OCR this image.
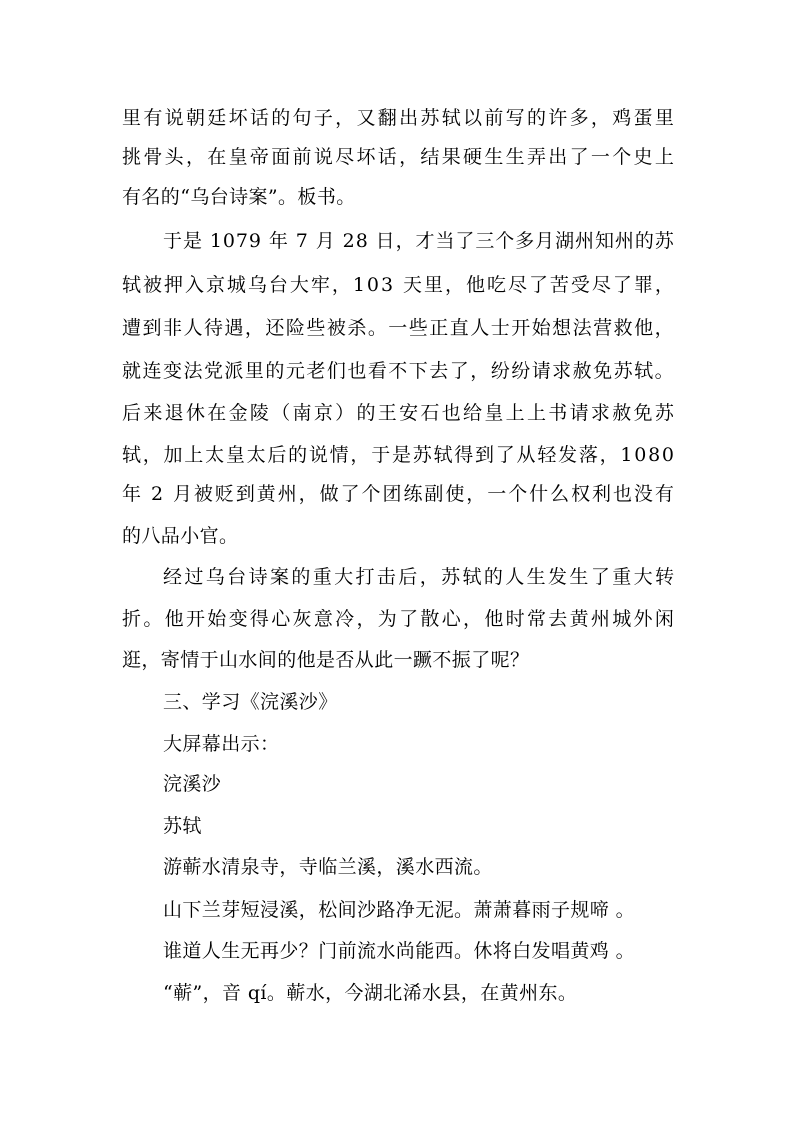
里 有 说 朝 廷 坏 话 的 句 子 ， 又 翻 出 苏 轼 以 前 写 的 许 多 ， 鸡 蛋 里
挑 骨 头 ， 在 皇 帝 面 前 说 尽 坏 话 ， 结 果 硬 生 生 弄 出 了 一 个 史 上
有名的“乌台诗案”。板书。
于 是
1 0 7 9
年
7
月
2 8
日 ， 才 当 了 三 个 多 月 湖 州 知 州 的 苏
轼 被 押 入 京 城 乌 台 大 牢 ， 1 0 3
天 里 ， 他 吃 尽 了 苦 受 尽 了 罪 ，
遭 到 非 人 待 遇 ， 还 险 些 被 杀 。 一 些 正 直 人 士 开 始 想 法 营 救 他 ，
就 连 变 法 党 派 里 的 元 老 们 也 看 不 下 去 了 ， 纷 纷 请 求 赦 免 苏 轼 。
后 来 退 休 在 金 陵 （ 南 京 ） 的 王 安 石 也 给 皇 上 上 书 请 求 赦 免 苏
轼 ， 加 上 太 皇 太 后 的 说 情 ， 于 是 苏 轼 得 到 了 从 轻 发 落 ， 1 0 8 0
年
2
月 被 贬 到 黄 州 ， 做 了 个 团 练 副 使 ， 一 个 什 么 权 利 也 没 有
的八品小官。
经 过 乌 台 诗 案 的 重 大 打 击 后 ， 苏 轼 的 人 生 发 生 了 重 大 转
折 。 他 开 始 变 得 心 灰 意 冷 ， 为 了 散 心 ， 他 时 常 去 黄 州 城 外 闲
逛，寄情于山水间的他是否从此一蹶不振了呢？
三、学习《浣溪沙》
大屏幕出示：
浣溪沙
苏轼
游蕲水清泉寺，寺临兰溪，溪水西流。
山下兰芽短浸溪，松间沙路净无泥。萧萧暮雨子规啼 。
谁道人生无再少？门前流水尚能西。休将白发唱黄鸡 。
“蕲”，音 qí。蕲水，今湖北浠水县，在黄州东。
